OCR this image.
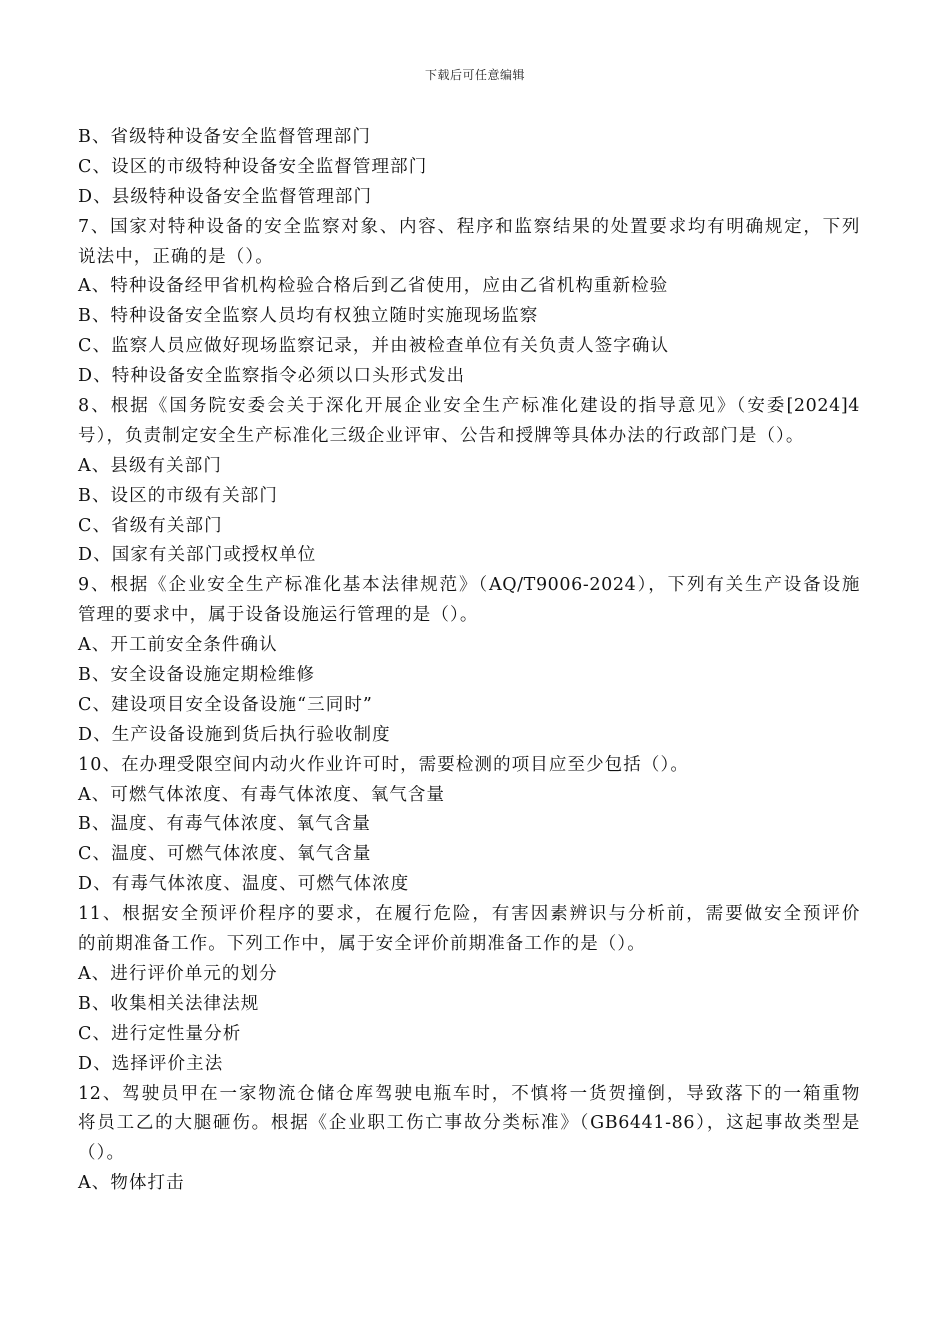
下载后可任意编辑
B、省级特种设备安全监督管理部门
C、设区的市级特种设备安全监督管理部门
D、县级特种设备安全监督管理部门
7、国家对特种设备的安全监察对象、内容、程序和监察结果的处置要求均有明确规定，下列
说法中，正确的是（）。
A、特种设备经甲省机构检验合格后到乙省使用，应由乙省机构重新检验
B、特种设备安全监察人员均有权独立随时实施现场监察
C、监察人员应做好现场监察记录，并由被检查单位有关负责人签字确认
D、特种设备安全监察指令必须以口头形式发出
8、根据《国务院安委会关于深化开展企业安全生产标准化建设的指导意见》（安委[2024]4
号），负责制定安全生产标准化三级企业评审、公告和授牌等具体办法的行政部门是（）。
A、县级有关部门
B、设区的市级有关部门
C、省级有关部门
D、国家有关部门或授权单位
9、根据《企业安全生产标准化基本法律规范》（AQ/T9006-2024），下列有关生产设备设施
管理的要求中，属于设备设施运行管理的是（）。
A、开工前安全条件确认
B、安全设备设施定期检维修
C、建设项目安全设备设施“三同时”
D、生产设备设施到货后执行验收制度
10、在办理受限空间内动火作业许可时，需要检测的项目应至少包括（）。
A、可燃气体浓度、有毒气体浓度、氧气含量
B、温度、有毒气体浓度、氧气含量
C、温度、可燃气体浓度、氧气含量
D、有毒气体浓度、温度、可燃气体浓度
11、根据安全预评价程序的要求，在履行危险，有害因素辨识与分析前，需要做安全预评价
的前期准备工作。下列工作中，属于安全评价前期准备工作的是（）。
A、进行评价单元的划分
B、收集相关法律法规
C、进行定性量分析
D、选择评价主法
12、驾驶员甲在一家物流仓储仓库驾驶电瓶车时，不慎将一货贺撞倒，导致落下的一箱重物
将员工乙的大腿砸伤。根据《企业职工伤亡事故分类标准》（GB6441-86），这起事故类型是
（）。
A、物体打击
